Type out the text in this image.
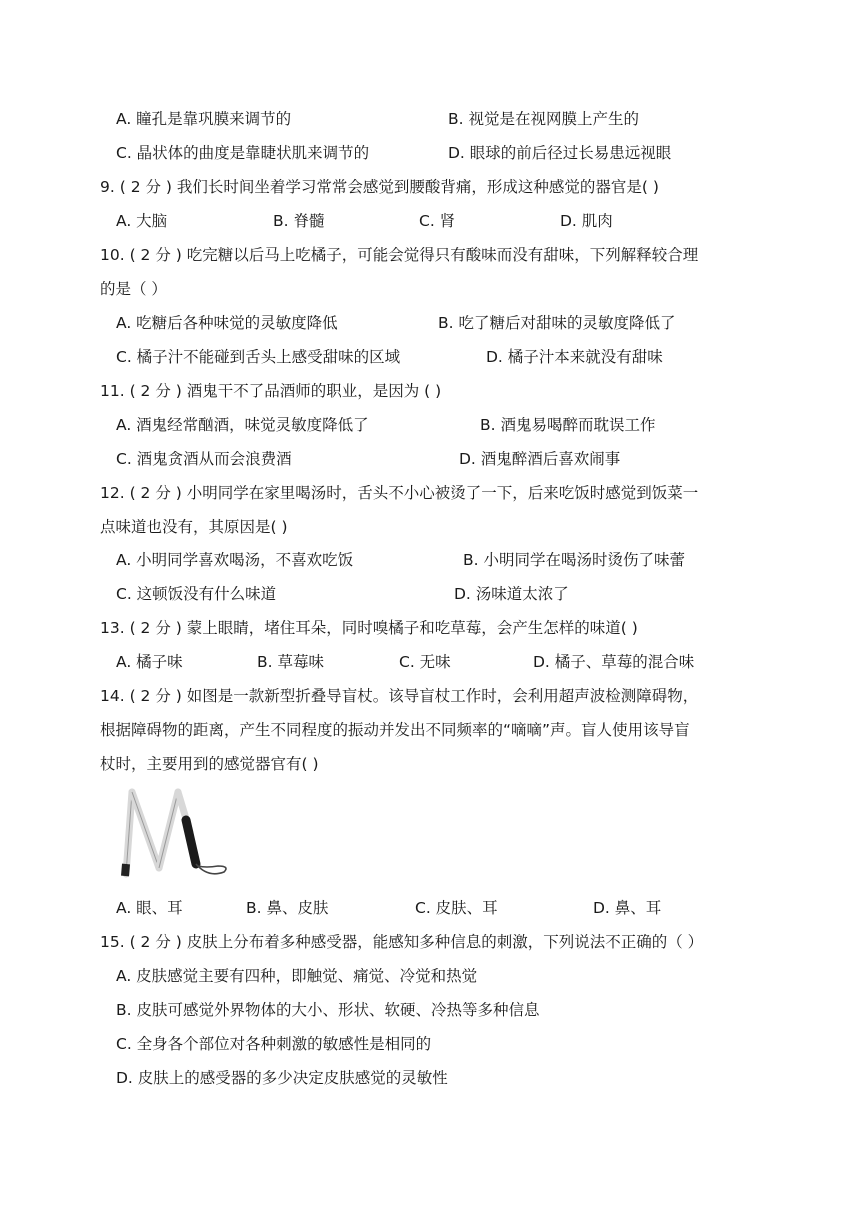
A. 瞳孔是靠巩膜来调节的	B. 视觉是在视网膜上产生的
C. 晶状体的曲度是靠睫状肌来调节的	D. 眼球的前后径过长易患远视眼
9. ( 2 分 ) 我们长时间坐着学习常常会感觉到腰酸背痛，形成这种感觉的器官是( )
A. 大脑	B. 脊髓	C. 肾	D. 肌肉
10. ( 2 分 ) 吃完糖以后马上吃橘子，可能会觉得只有酸味而没有甜味，下列解释较合理
的是（ ）
A. 吃糖后各种味觉的灵敏度降低	B. 吃了糖后对甜味的灵敏度降低了
C. 橘子汁不能碰到舌头上感受甜味的区域	D. 橘子汁本来就没有甜味
11. ( 2 分 ) 酒鬼干不了品酒师的职业，是因为 ( )
A. 酒鬼经常酗酒，味觉灵敏度降低了	B. 酒鬼易喝醉而耽误工作
C. 酒鬼贪酒从而会浪费酒	D. 酒鬼醉酒后喜欢闹事
12. ( 2 分 ) 小明同学在家里喝汤时，舌头不小心被烫了一下，后来吃饭时感觉到饭菜一
点味道也没有，其原因是( )
A. 小明同学喜欢喝汤，不喜欢吃饭	B. 小明同学在喝汤时烫伤了味蕾
C. 这顿饭没有什么味道	D. 汤味道太浓了
13. ( 2 分 ) 蒙上眼睛，堵住耳朵，同时嗅橘子和吃草莓，会产生怎样的味道( )
A. 橘子味	B. 草莓味	C. 无味	D. 橘子、草莓的混合味
14. ( 2 分 ) 如图是一款新型折叠导盲杖。该导盲杖工作时，会利用超声波检测障碍物，
根据障碍物的距离，产生不同程度的振动并发出不同频率的“嘀嘀”声。盲人使用该导盲
杖时，主要用到的感觉器官有( )
A. 眼、耳	B. 鼻、皮肤	C. 皮肤、耳	D. 鼻、耳
15. ( 2 分 ) 皮肤上分布着多种感受器，能感知多种信息的刺激，下列说法不正确的（ ）
A. 皮肤感觉主要有四种，即触觉、痛觉、冷觉和热觉
B. 皮肤可感觉外界物体的大小、形状、软硬、冷热等多种信息
C. 全身各个部位对各种刺激的敏感性是相同的
D. 皮肤上的感受器的多少决定皮肤感觉的灵敏性
